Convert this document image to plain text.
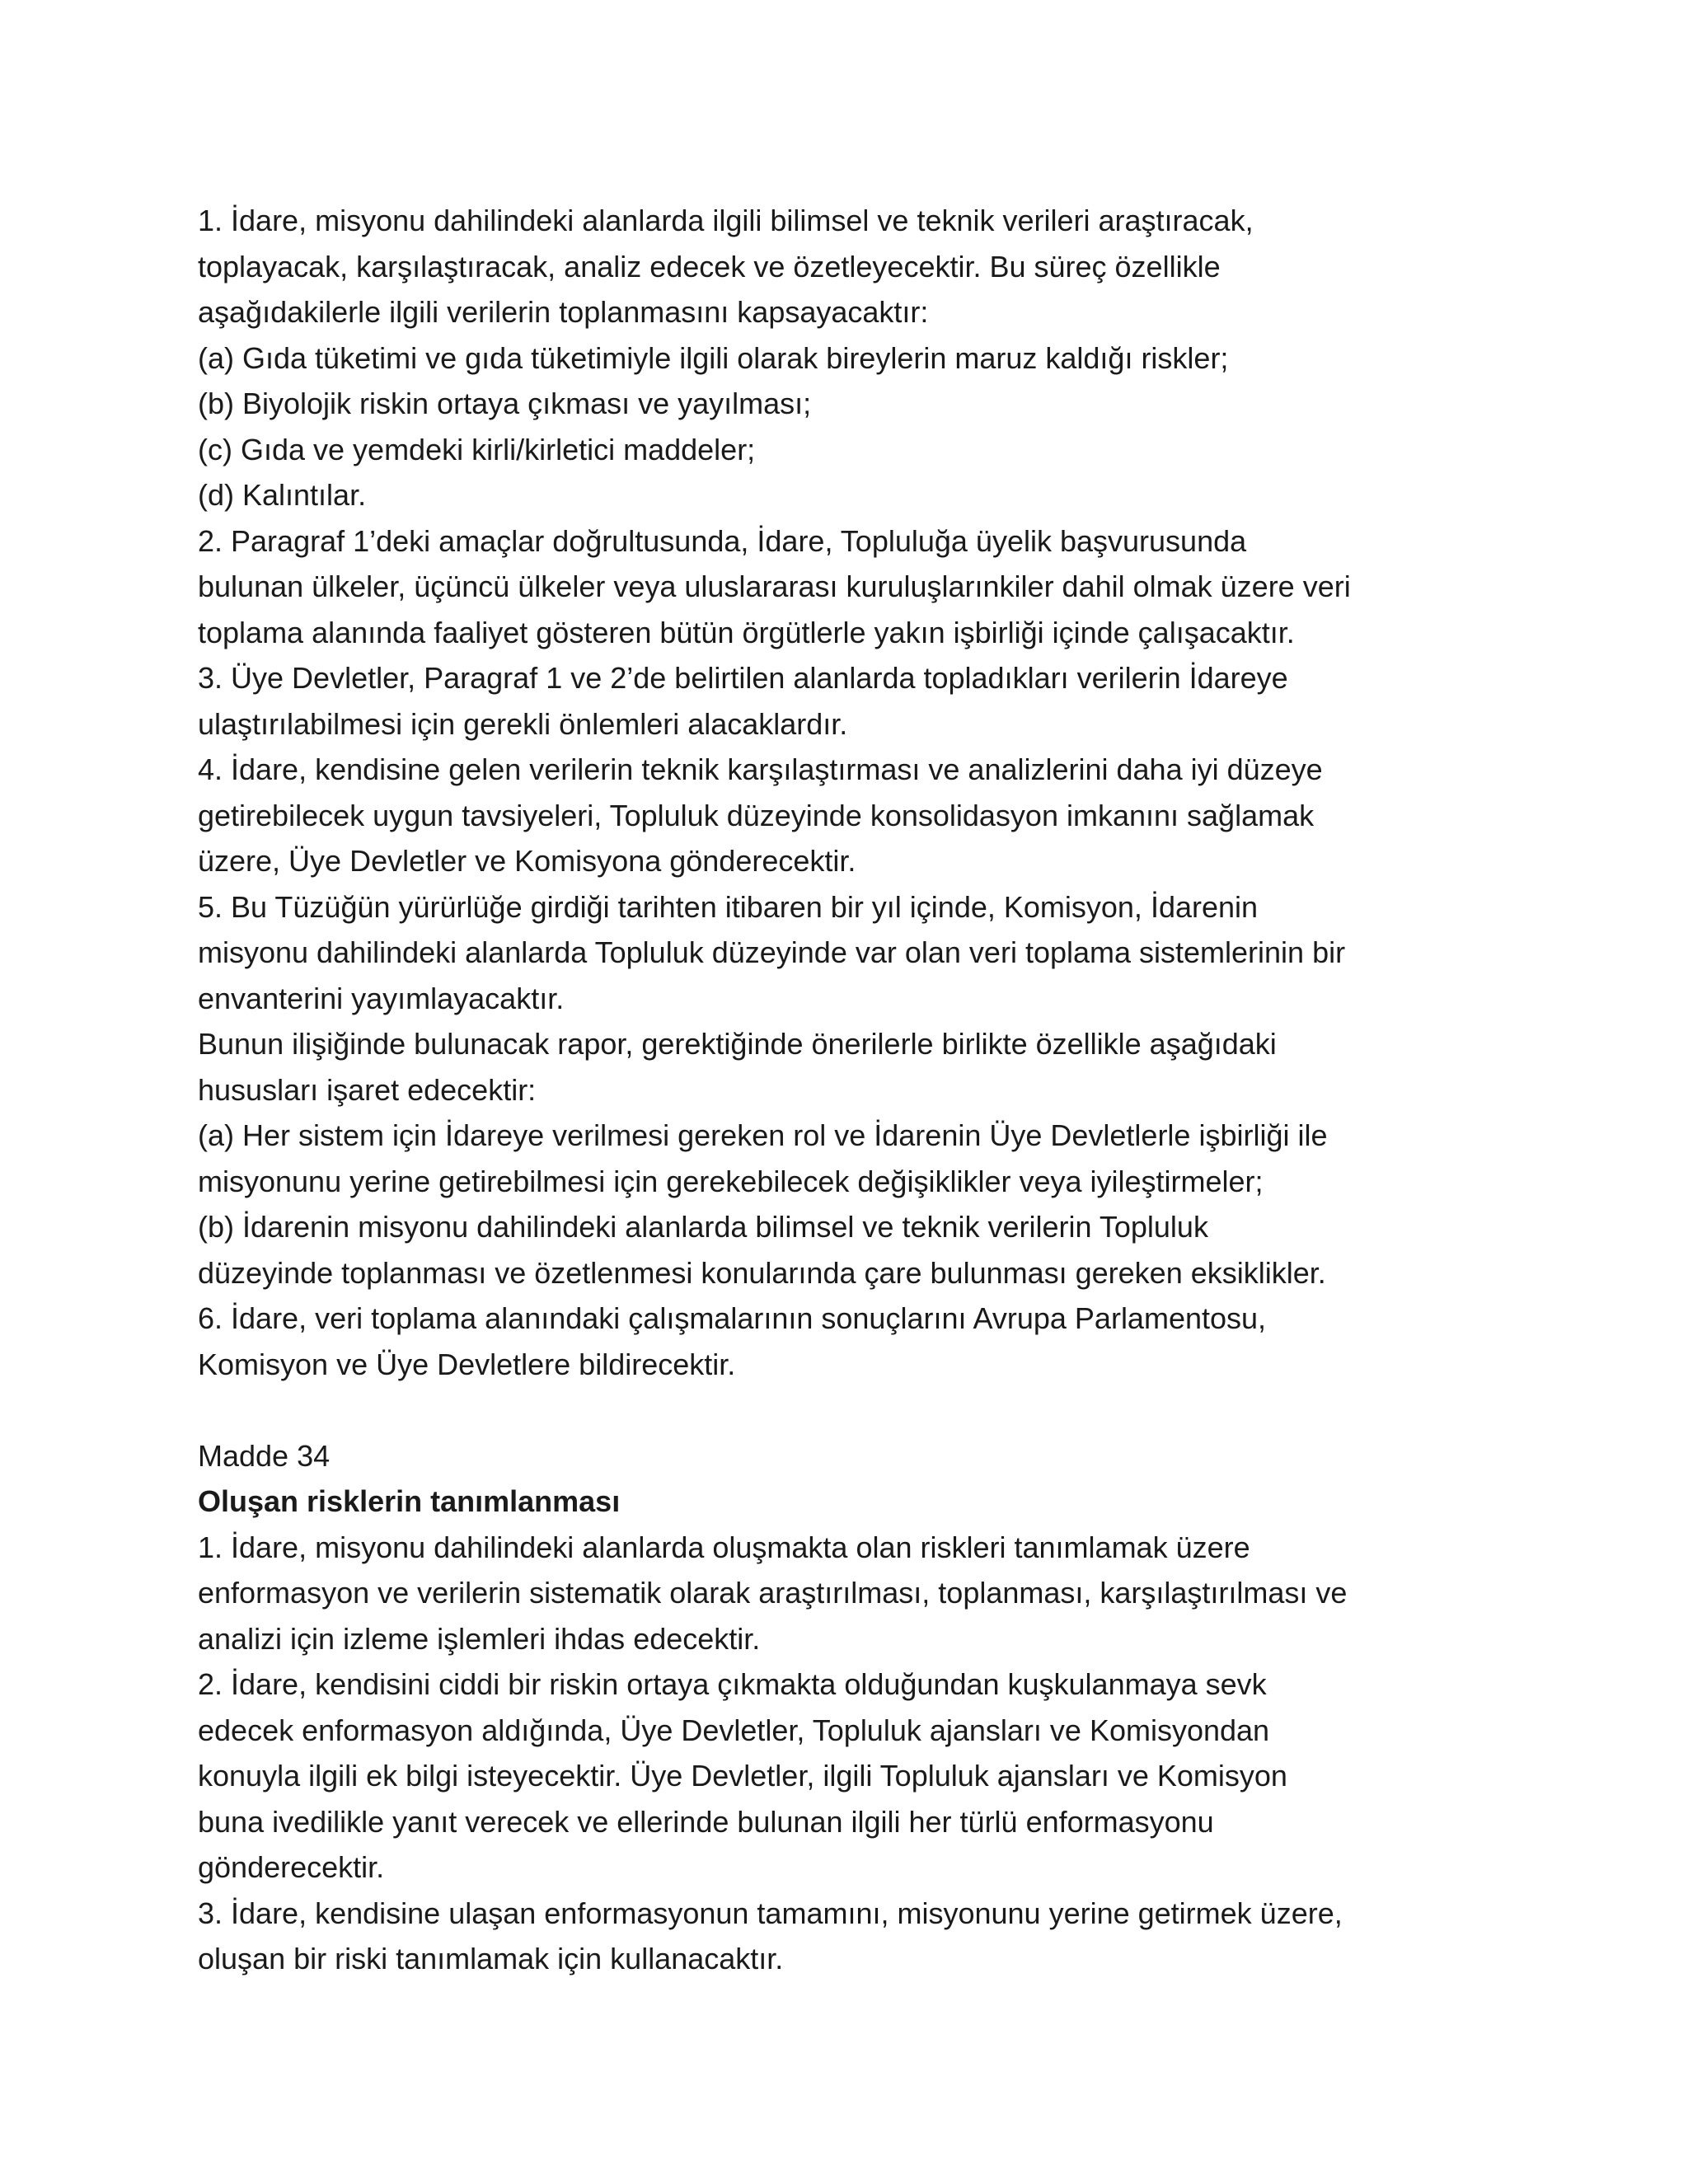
1. İdare, misyonu dahilindeki alanlarda ilgili bilimsel ve teknik verileri araştıracak,
toplayacak, karşılaştıracak, analiz edecek ve özetleyecektir. Bu süreç özellikle
aşağıdakilerle ilgili verilerin toplanmasını kapsayacaktır:
(a) Gıda tüketimi ve gıda tüketimiyle ilgili olarak bireylerin maruz kaldığı riskler;
(b) Biyolojik riskin ortaya çıkması ve yayılması;
(c) Gıda ve yemdeki kirli/kirletici maddeler;
(d) Kalıntılar.
2. Paragraf 1’deki amaçlar doğrultusunda, İdare, Topluluğa üyelik başvurusunda
bulunan ülkeler, üçüncü ülkeler veya uluslararası kuruluşlarınkiler dahil olmak üzere veri
toplama alanında faaliyet gösteren bütün örgütlerle yakın işbirliği içinde çalışacaktır.
3. Üye Devletler, Paragraf 1 ve 2’de belirtilen alanlarda topladıkları verilerin İdareye
ulaştırılabilmesi için gerekli önlemleri alacaklardır.
4. İdare, kendisine gelen verilerin teknik karşılaştırması ve analizlerini daha iyi düzeye
getirebilecek uygun tavsiyeleri, Topluluk düzeyinde konsolidasyon imkanını sağlamak
üzere, Üye Devletler ve Komisyona gönderecektir.
5. Bu Tüzüğün yürürlüğe girdiği tarihten itibaren bir yıl içinde, Komisyon, İdarenin
misyonu dahilindeki alanlarda Topluluk düzeyinde var olan veri toplama sistemlerinin bir
envanterini yayımlayacaktır.
Bunun ilişiğinde bulunacak rapor, gerektiğinde önerilerle birlikte özellikle aşağıdaki
hususları işaret edecektir:
(a) Her sistem için İdareye verilmesi gereken rol ve İdarenin Üye Devletlerle işbirliği ile
misyonunu yerine getirebilmesi için gerekebilecek değişiklikler veya iyileştirmeler;
(b) İdarenin misyonu dahilindeki alanlarda bilimsel ve teknik verilerin Topluluk
düzeyinde toplanması ve özetlenmesi konularında çare bulunması gereken eksiklikler.
6. İdare, veri toplama alanındaki çalışmalarının sonuçlarını Avrupa Parlamentosu,
Komisyon ve Üye Devletlere bildirecektir.
Madde 34
Oluşan risklerin tanımlanması
1. İdare, misyonu dahilindeki alanlarda oluşmakta olan riskleri tanımlamak üzere
enformasyon ve verilerin sistematik olarak araştırılması, toplanması, karşılaştırılması ve
analizi için izleme işlemleri ihdas edecektir.
2. İdare, kendisini ciddi bir riskin ortaya çıkmakta olduğundan kuşkulanmaya sevk
edecek enformasyon aldığında, Üye Devletler, Topluluk ajansları ve Komisyondan
konuyla ilgili ek bilgi isteyecektir. Üye Devletler, ilgili Topluluk ajansları ve Komisyon
buna ivedilikle yanıt verecek ve ellerinde bulunan ilgili her türlü enformasyonu
gönderecektir.
3. İdare, kendisine ulaşan enformasyonun tamamını, misyonunu yerine getirmek üzere,
oluşan bir riski tanımlamak için kullanacaktır.
